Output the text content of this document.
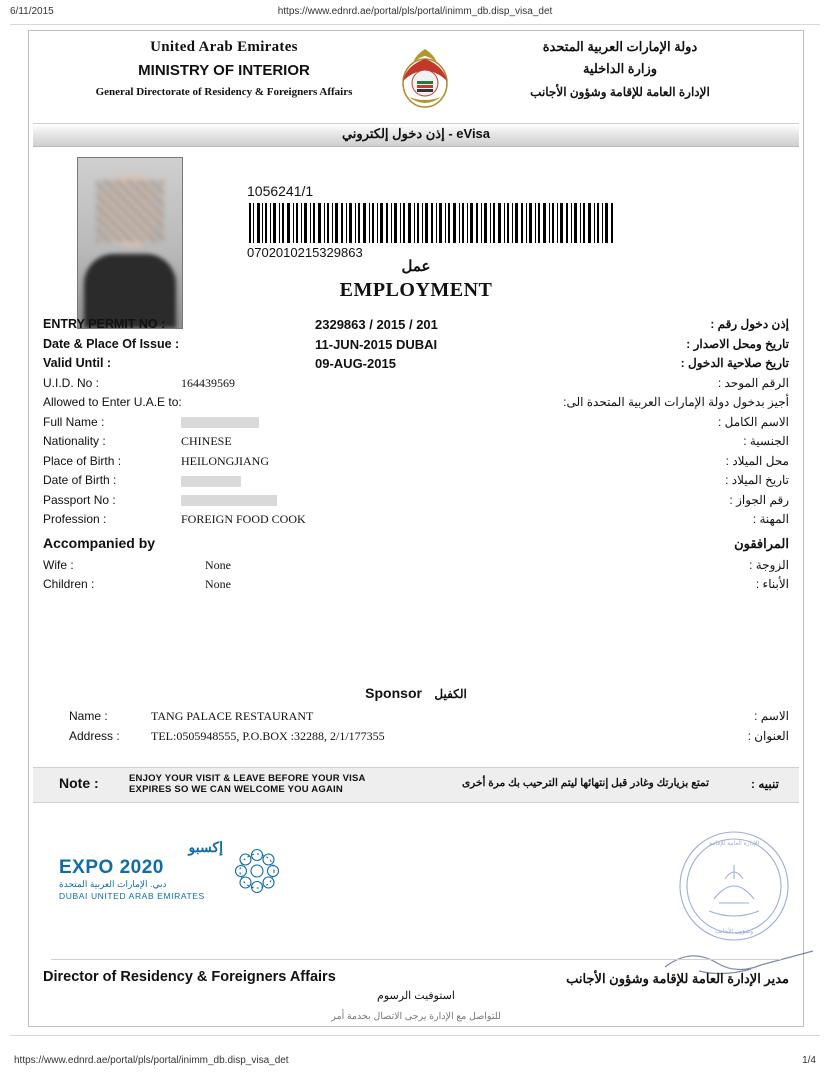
6/11/2015	https://www.ednrd.ae/portal/pls/portal/inimm_db.disp_visa_det
United Arab Emirates
MINISTRY OF INTERIOR
General Directorate of Residency & Foreigners Affairs
دولة الإمارات العربية المتحدة
وزارة الداخلية
الإدارة العامة للإقامة وشؤون الأجانب
إذن دخول إلكتروني - eVisa
1056241/1
0702010215329863
عمل
EMPLOYMENT
ENTRY PERMIT NO :	2329863 / 2015 / 201	إذن دخول رقم :
Date & Place Of Issue :	11-JUN-2015 DUBAI	تاريخ ومحل الاصدار :
Valid Until :	09-AUG-2015	تاريخ صلاحية الدخول :
U.I.D. No :	164439569	الرقم الموحد :
Allowed to Enter U.A.E to:	أجيز بدخول دولة الإمارات العربية المتحدة الى:
Full Name :	الاسم الكامل :
Nationality :	CHINESE	الجنسية :
Place of Birth :	HEILONGJIANG	محل الميلاد :
Date of Birth :	تاريخ الميلاد :
Passport No :	رقم الجواز :
Profession :	FOREIGN FOOD COOK	المهنة :
Accompanied by	المرافقون
Wife :	None	الزوجة :
Children :	None	الأبناء :
Sponsor الكفيل
Name :	TANG PALACE RESTAURANT	الاسم :
Address :	TEL:0505948555, P.O.BOX :32288, 2/1/177355	العنوان :
Note :	ENJOY YOUR VISIT & LEAVE BEFORE YOUR VISA
EXPIRES SO WE CAN WELCOME YOU AGAIN
تمتع بزيارتك وغادر قبل إنتهائها ليتم الترحيب بك مرة أخرى	تنبيه :
إكسبو
EXPO 2020
دبي. الإمارات العربية المتحدة
DUBAI UNITED ARAB EMIRATES
الإدارة العامة للإقامة
وشؤون الأجانب
Director of Residency & Foreigners Affairs	مدير الإدارة العامة للإقامة وشؤون الأجانب
استوفيت الرسوم
للتواصل مع الإدارة يرجى الاتصال بخدمة أمر
https://www.ednrd.ae/portal/pls/portal/inimm_db.disp_visa_det	1/4
